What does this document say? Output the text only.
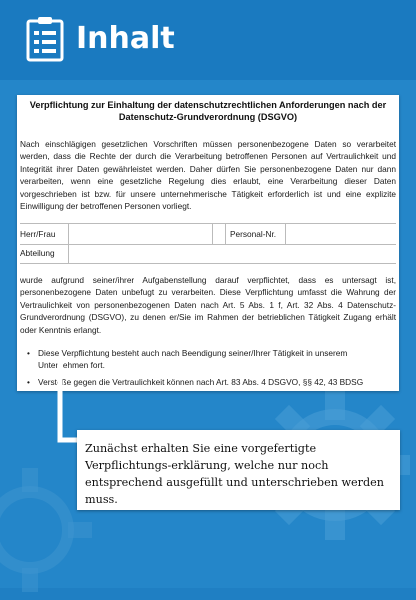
Inhalt
Verpflichtung zur Einhaltung der datenschutzrechtlichen Anforderungen nach der Datenschutz-Grundverordnung (DSGVO)
Nach einschlägigen gesetzlichen Vorschriften müssen personenbezogene Daten so verarbeitet werden, dass die Rechte der durch die Verarbeitung betroffenen Personen auf Vertraulichkeit und Integrität ihrer Daten gewährleistet werden. Daher dürfen Sie personenbezogene Daten nur dann verarbeiten, wenn eine gesetzliche Regelung dies erlaubt, eine Verarbeitung dieser Daten vorgeschrieben ist bzw. für unsere unternehmerische Tätigkeit erforderlich ist und eine explizite Einwilligung der betroffenen Personen vorliegt.
Herr/Frau	Personal-Nr.
Abteilung
wurde aufgrund seiner/ihrer Aufgabenstellung darauf verpflichtet, dass es untersagt ist, personenbezogene Daten unbefugt zu verarbeiten. Diese Verpflichtung umfasst die Wahrung der Vertraulichkeit von personenbezogenen Daten nach Art. 5 Abs. 1 f, Art. 32 Abs. 4 Datenschutz-Grundverordnung (DSGVO), zu denen er/Sie im Rahmen der betrieblichen Tätigkeit Zugang erhält oder Kenntnis erlangt.
• Diese Verpflichtung besteht auch nach Beendigung seiner/Ihrer Tätigkeit in unserem Unternehmen fort.
• Verstöße gegen die Vertraulichkeit können nach Art. 83 Abs. 4 DSGVO, §§ 42, 43 BDSG
Zunächst erhalten Sie eine vorgefertigte Verpflichtungs-erklärung, welche nur noch entsprechend ausgefüllt und unterschrieben werden muss.
